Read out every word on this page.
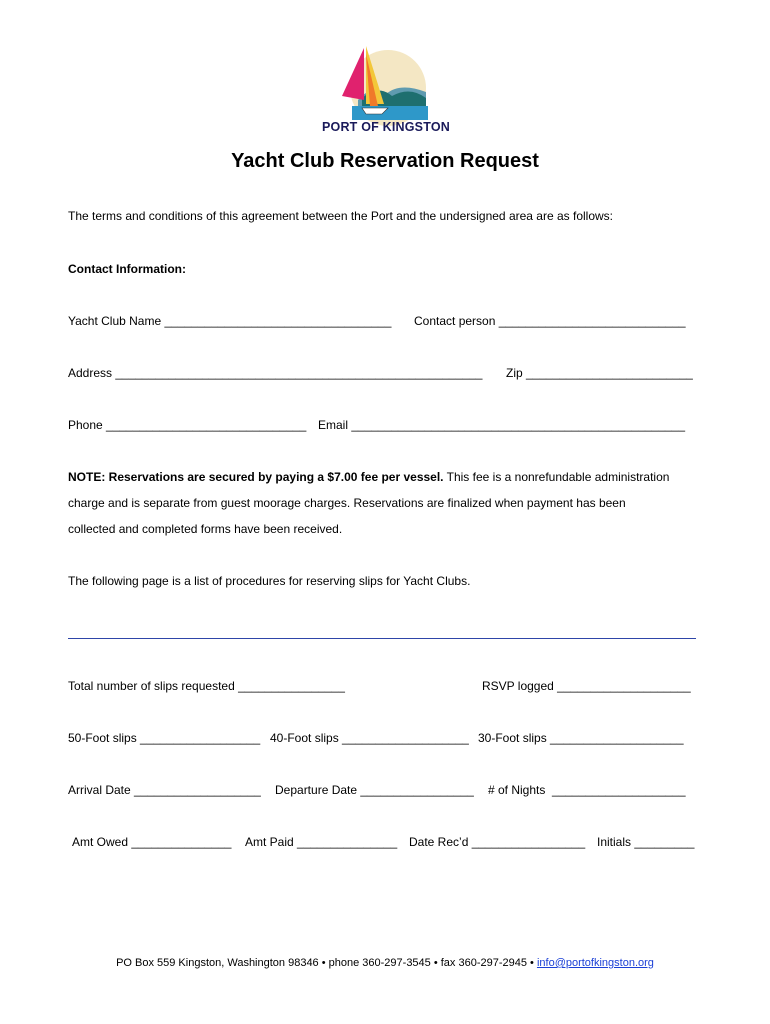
PORT OF KINGSTON
Yacht Club Reservation Request
The terms and conditions of this agreement between the Port and the undersigned area are as follows:
Contact Information:
Yacht Club Name __________________________________ Contact person ____________________________
Address _______________________________________________________ Zip _________________________
Phone ______________________________ Email __________________________________________________
NOTE: Reservations are secured by paying a $7.00 fee per vessel. This fee is a nonrefundable administration
charge and is separate from guest moorage charges. Reservations are finalized when payment has been
collected and completed forms have been received.
The following page is a list of procedures for reserving slips for Yacht Clubs.
Total number of slips requested ________________	RSVP logged ____________________
50-Foot slips __________________ 40-Foot slips ___________________ 30-Foot slips ____________________
Arrival Date ___________________ Departure Date _________________ # of Nights  ____________________
Amt Owed _______________ Amt Paid _______________ Date Rec’d _________________ Initials _________
PO Box 559 Kingston, Washington 98346 • phone 360-297-3545 • fax 360-297-2945 • info@portofkingston.org
